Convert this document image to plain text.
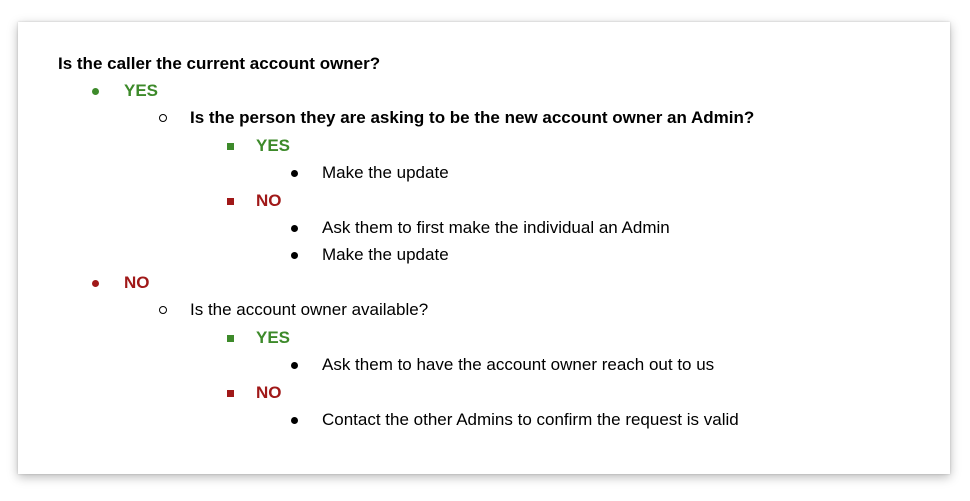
Is the caller the current account owner?
YES
Is the person they are asking to be the new account owner an Admin?
YES
Make the update
NO
Ask them to first make the individual an Admin
Make the update
NO
Is the account owner available?
YES
Ask them to have the account owner reach out to us
NO
Contact the other Admins to confirm the request is valid
